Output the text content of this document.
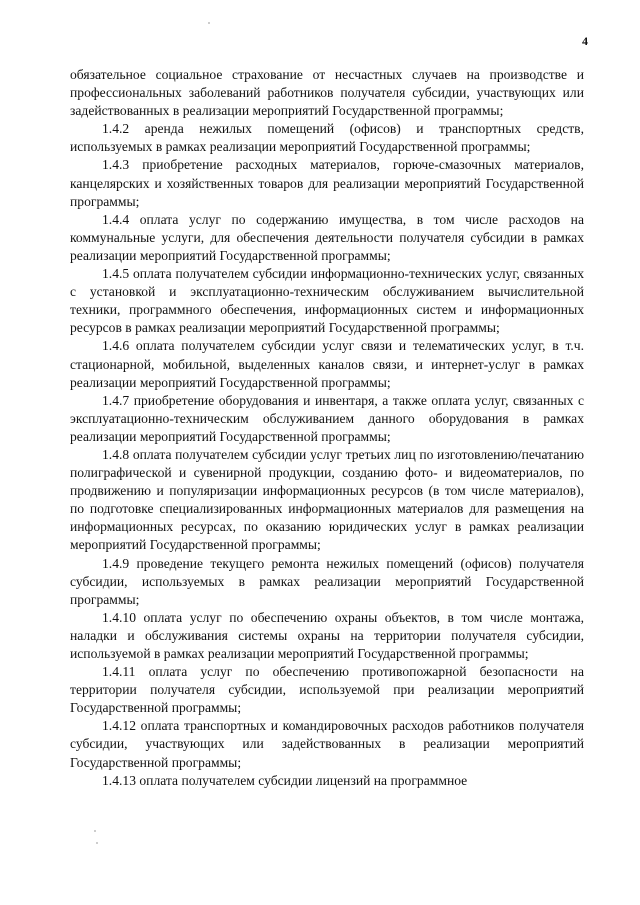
4

обязательное социальное страхование от несчастных случаев на производстве и профессиональных заболеваний работников получателя субсидии, участвующих или задействованных в реализации мероприятий Государственной программы;

1.4.2 аренда нежилых помещений (офисов) и транспортных средств, используемых в рамках реализации мероприятий Государственной программы;

1.4.3 приобретение расходных материалов, горюче-смазочных материалов, канцелярских и хозяйственных товаров для реализации мероприятий Государственной программы;

1.4.4 оплата услуг по содержанию имущества, в том числе расходов на коммунальные услуги, для обеспечения деятельности получателя субсидии в рамках реализации мероприятий Государственной программы;

1.4.5 оплата получателем субсидии информационно-технических услуг, связанных с установкой и эксплуатационно-техническим обслуживанием вычислительной техники, программного обеспечения, информационных систем и информационных ресурсов в рамках реализации мероприятий Государственной программы;

1.4.6 оплата получателем субсидии услуг связи и телематических услуг, в т.ч. стационарной, мобильной, выделенных каналов связи, и интернет-услуг в рамках реализации мероприятий Государственной программы;

1.4.7 приобретение оборудования и инвентаря, а также оплата услуг, связанных с эксплуатационно-техническим обслуживанием данного оборудования в рамках реализации мероприятий Государственной программы;

1.4.8 оплата получателем субсидии услуг третьих лиц по изготовлению/печатанию полиграфической и сувенирной продукции, созданию фото- и видеоматериалов, по продвижению и популяризации информационных ресурсов (в том числе материалов), по подготовке специализированных информационных материалов для размещения на информационных ресурсах, по оказанию юридических услуг в рамках реализации мероприятий Государственной программы;

1.4.9 проведение текущего ремонта нежилых помещений (офисов) получателя субсидии, используемых в рамках реализации мероприятий Государственной программы;

1.4.10 оплата услуг по обеспечению охраны объектов, в том числе монтажа, наладки и обслуживания системы охраны на территории получателя субсидии, используемой в рамках реализации мероприятий Государственной программы;

1.4.11 оплата услуг по обеспечению противопожарной безопасности на территории получателя субсидии, используемой при реализации мероприятий Государственной программы;

1.4.12 оплата транспортных и командировочных расходов работников получателя субсидии, участвующих или задействованных в реализации мероприятий Государственной программы;

1.4.13 оплата получателем субсидии лицензий на программное
